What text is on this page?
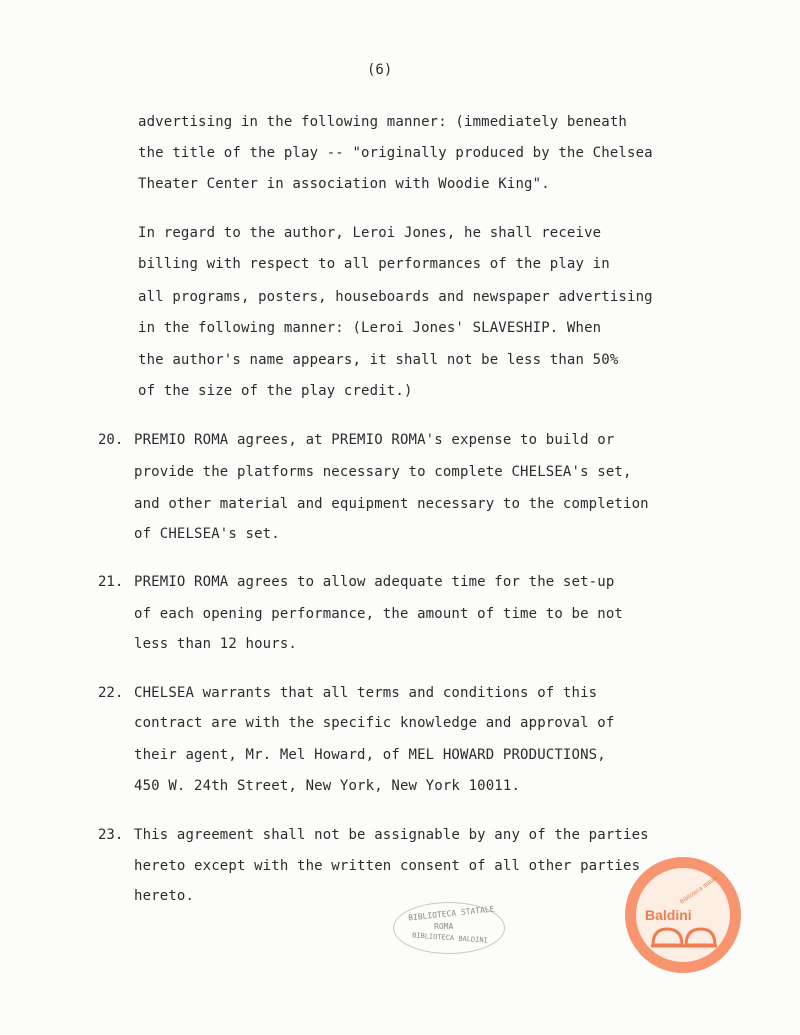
(6)
advertising in the following manner: (immediately beneath
the title of the play -- "originally produced by the Chelsea
Theater Center in association with Woodie King".
In regard to the author, Leroi Jones, he shall receive
billing with respect to all performances of the play in
all programs, posters, houseboards and newspaper advertising
in the following manner: (Leroi Jones' SLAVESHIP. When
the author's name appears, it shall not be less than 50%
of the size of the play credit.)
20. PREMIO ROMA agrees, at PREMIO ROMA's expense to build or
provide the platforms necessary to complete CHELSEA's set,
and other material and equipment necessary to the completion
of CHELSEA's set.
21. PREMIO ROMA agrees to allow adequate time for the set-up
of each opening performance, the amount of time to be not
less than 12 hours.
22. CHELSEA warrants that all terms and conditions of this
contract are with the specific knowledge and approval of
their agent, Mr. Mel Howard, of MEL HOWARD PRODUCTIONS,
450 W. 24th Street, New York, New York 10011.
23. This agreement shall not be assignable by any of the parties
hereto except with the written consent of all other parties
hereto.
BIBLIOTECA STATALE
ROMA
BIBLIOTECA BALDINI
Biblioteca statale
Baldini
